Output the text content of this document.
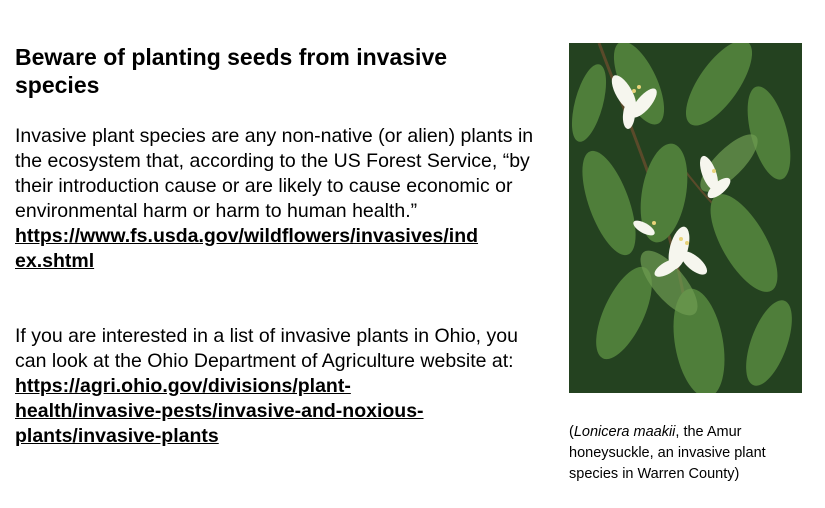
Beware of planting seeds from invasive species
Invasive plant species are any non-native (or alien) plants in the ecosystem that, according to the US Forest Service, “by their introduction cause or are likely to cause economic or environmental harm or harm to human health.”
https://www.fs.usda.gov/wildflowers/invasives/ind
ex.shtml
If you are interested in a list of invasive plants in Ohio, you can look at the Ohio Department of Agriculture website at:
https://agri.ohio.gov/divisions/plant-
health/invasive-pests/invasive-and-noxious-
plants/invasive-plants	(Lonicera maakii, the Amur honeysuckle, an invasive plant species in Warren County)
